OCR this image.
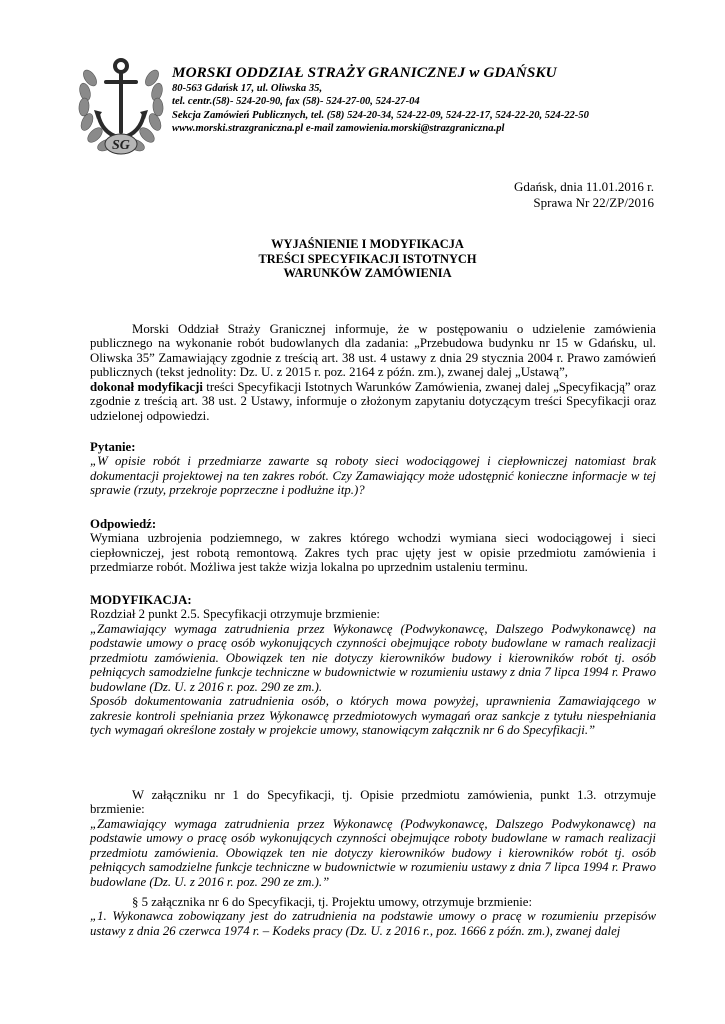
SG
MORSKI ODDZIAŁ STRAŻY GRANICZNEJ w GDAŃSKU
80-563 Gdańsk 17, ul. Oliwska 35,
tel. centr.(58)- 524-20-90, fax (58)- 524-27-00, 524-27-04
Sekcja Zamówień Publicznych, tel. (58) 524-20-34, 524-22-09, 524-22-17, 524-22-20, 524-22-50
www.morski.strazgraniczna.pl e-mail zamowienia.morski@strazgraniczna.pl
Gdańsk, dnia 11.01.2016 r.
Sprawa Nr 22/ZP/2016
WYJAŚNIENIE I MODYFIKACJA
TREŚCI SPECYFIKACJI ISTOTNYCH
WARUNKÓW ZAMÓWIENIA

Morski Oddział Straży Granicznej informuje, że w postępowaniu o udzielenie zamówienia publicznego na wykonanie robót budowlanych dla zadania: „Przebudowa budynku nr 15 w Gdańsku, ul. Oliwska 35” Zamawiający zgodnie z treścią art. 38 ust. 4 ustawy z dnia 29 stycznia 2004 r. Prawo zamówień publicznych (tekst jednolity: Dz. U. z 2015 r. poz. 2164 z późn. zm.), zwanej dalej „Ustawą”,
dokonał modyfikacji treści Specyfikacji Istotnych Warunków Zamówienia, zwanej dalej „Specyfikacją” oraz zgodnie z treścią art. 38 ust. 2 Ustawy, informuje o złożonym zapytaniu dotyczącym treści Specyfikacji oraz udzielonej odpowiedzi.

Pytanie:

„W opisie robót i przedmiarze zawarte są roboty sieci wodociągowej i ciepłowniczej natomiast brak dokumentacji projektowej na ten zakres robót. Czy Zamawiający może udostępnić konieczne informacje w tej sprawie (rzuty, przekroje poprzeczne i podłużne itp.)?

Odpowiedź:

Wymiana uzbrojenia podziemnego, w zakres którego wchodzi wymiana sieci wodociągowej i sieci ciepłowniczej, jest robotą remontową. Zakres tych prac ujęty jest w opisie przedmiotu zamówienia i przedmiarze robót. Możliwa jest także wizja lokalna po uprzednim ustaleniu terminu.

MODYFIKACJA:

Rozdział 2 punkt 2.5. Specyfikacji otrzymuje brzmienie:

„Zamawiający wymaga zatrudnienia przez Wykonawcę (Podwykonawcę, Dalszego Podwykonawcę) na podstawie umowy o pracę osób wykonujących czynności obejmujące roboty budowlane w ramach realizacji przedmiotu zamówienia. Obowiązek ten nie dotyczy kierowników budowy i kierowników robót tj. osób pełniących samodzielne funkcje techniczne w budownictwie w rozumieniu ustawy z dnia 7 lipca 1994 r. Prawo budowlane (Dz. U. z 2016 r. poz. 290 ze zm.).

Sposób dokumentowania zatrudnienia osób, o których mowa powyżej, uprawnienia Zamawiającego w zakresie kontroli spełniania przez Wykonawcę przedmiotowych wymagań oraz sankcje z tytułu niespełniania tych wymagań określone zostały w projekcie umowy, stanowiącym załącznik nr 6 do Specyfikacji.”

W załączniku nr 1 do Specyfikacji, tj. Opisie przedmiotu zamówienia, punkt 1.3. otrzymuje brzmienie:

„Zamawiający wymaga zatrudnienia przez Wykonawcę (Podwykonawcę, Dalszego Podwykonawcę) na podstawie umowy o pracę osób wykonujących czynności obejmujące roboty budowlane w ramach realizacji przedmiotu zamówienia. Obowiązek ten nie dotyczy kierowników budowy i kierowników robót tj. osób pełniących samodzielne funkcje techniczne w budownictwie w rozumieniu ustawy z dnia 7 lipca 1994 r. Prawo budowlane (Dz. U. z 2016 r. poz. 290 ze zm.).”

§ 5 załącznika nr 6 do Specyfikacji, tj. Projektu umowy, otrzymuje brzmienie:

„1. Wykonawca zobowiązany jest do zatrudnienia na podstawie umowy o pracę w rozumieniu przepisów ustawy z dnia 26 czerwca 1974 r. – Kodeks pracy (Dz. U. z 2016 r., poz. 1666 z późn. zm.), zwanej dalej
